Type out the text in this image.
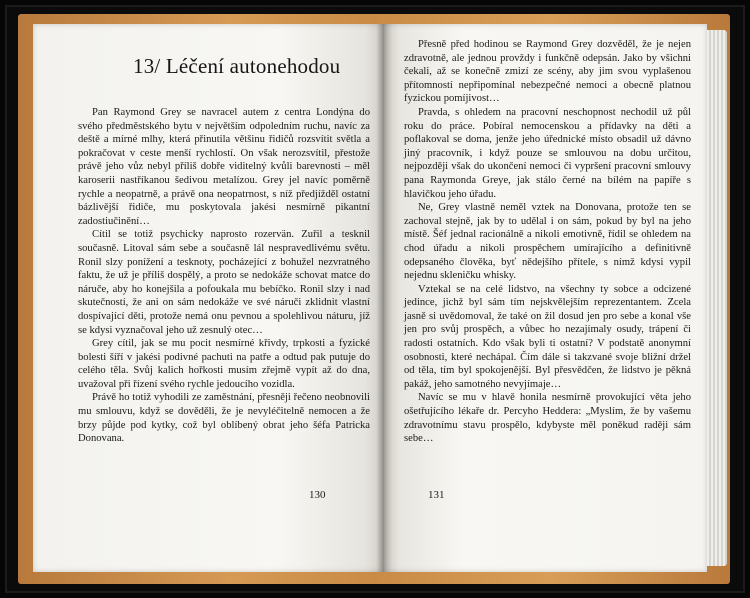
13/ Léčení autonehodou

Pan Raymond Grey se navracel autem z centra Londýna do svého předměstského bytu v největším odpoledním ruchu, navíc za deště a mírné mlhy, která přinutila většinu řidičů rozsvítit světla a pokračovat v ceste menší rychlostí. On však nerozsvítil, přestože právě jeho vůz nebyl příliš dobře viditelný kvůli barevnosti – měl karoserii nastříkanou šedivou metalízou. Grey jel navíc poměrně rychle a neopatrně, a právě ona neopatrnost, s níž předjížděl ostatní bázlivější řidiče, mu poskytovala jakési nesmírně pikantní zadostiučinění…

Cítil se totiž psychicky naprosto rozervän. Zuřil a tesknil současně. Litoval sám sebe a současně lál nespravedlivému světu. Ronil slzy ponížení a tesknoty, pocházející z bohužel nezvratného faktu, že už je příliš dospělý, a proto se nedokáže schovat matce do náruče, aby ho konejšila a pofoukala mu bebíčko. Ronil slzy i nad skutečností, že ani on sám nedokáže ve své náruči zklidnit vlastní dospívající děti, protože nemá onu pevnou a spolehlivou náturu, jíž se kdysi vyznačoval jeho už zesnulý otec…

Grey cítil, jak se mu pocit nesmírné křivdy, trpkosti a fyzické bolesti šíří v jakési podivné pachuti na patře a odtud pak putuje do celého těla. Svůj kalich hořkosti musím zřejmě vypít až do dna, uvažoval při řízení svého rychle jedoucího vozidla.

Právě ho totiž vyhodili ze zaměstnání, přesněji řečeno neobnovili mu smlouvu, když se dověděli, že je nevyléčitelně nemocen a že brzy půjde pod kytky, což byl oblíbený obrat jeho šéfa Patricka Donovana.

130

Přesně před hodinou se Raymond Grey dozvěděl, že je nejen zdravotně, ale jednou provždy i funkčně odepsán. Jako by všichni čekali, až se konečně zmizí ze scény, aby jim svou vyplašenou přítomností nepřipomínal nebezpečné nemoci a obecně platnou fyzickou pomíjivost…

Pravda, s ohledem na pracovní neschopnost nechodil už půl roku do práce. Pobíral nemocenskou a přídavky na děti a poflakoval se doma, jenže jeho úřednické místo obsadil už dávno jiný pracovník, i když pouze se smlouvou na dobu určitou, nejpozději však do ukončení nemoci či vypršení pracovní smlouvy pana Raymonda Greye, jak stálo černé na bílém na papíře s hlavičkou jeho úřadu.

Ne, Grey vlastně neměl vztek na Donovana, protože ten se zachoval stejně, jak by to udělal i on sám, pokud by byl na jeho místě. Šéf jednal racionálně a nikoli emotivně, řídil se ohledem na chod úřadu a nikoli prospěchem umírajícího a definitivně odepsaného člověka, byť nědejšího přítele, s nímž kdysi vypil nejednu skleničku whisky.

Vztekal se na celé lidstvo, na všechny ty sobce a odcizené jedince, jichž byl sám tím nejskvělejším reprezentantem. Zcela jasně si uvědomoval, že také on žil dosud jen pro sebe a konal vše jen pro svůj prospěch, a vůbec ho nezajímaly osudy, trápení či radosti ostatních. Kdo však byli ti ostatní? V podstatě anonymní osobnosti, které nechápal. Čím dále si takzvané svoje bližní držel od těla, tím byl spokojenější. Byl přesvědčen, že lidstvo je pěkná pakáž, jeho samotného nevyjímaje…

Navíc se mu v hlavě honila nesmírně provokující věta jeho ošetřujícího lékaře dr. Percyho Heddera: „Myslím, že by vašemu zdravotnímu stavu prospělo, kdybyste měl poněkud raději sám sebe…

131
